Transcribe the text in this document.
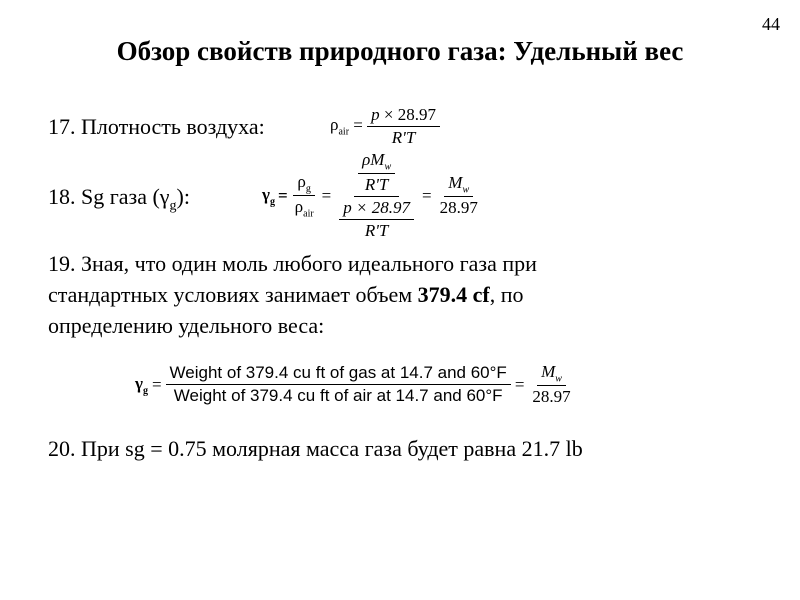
44
Обзор свойств природного газа: Удельный вес
17. Плотность воздуха:	$\rho_{air} = \frac{p \times 28.97}{R'T}$
18. Sg газа $(\gamma_g)$:	$\gamma_g = \frac{\rho_g}{\rho_{air}} = \frac{\frac{\rho M_w}{R'T}}{\frac{p \times 28.97}{R'T}} = \frac{M_w}{28.97}$
19. Зная, что один моль любого идеального газа при
стандартных условиях занимает объем 379.4 cf, по
определению удельного веса:
$\gamma_g = \frac{\text{Weight of 379.4 cu ft of gas at 14.7 and 60°F}}{\text{Weight of 379.4 cu ft of air at 14.7 and 60°F}} = \frac{M_w}{28.97}$
20. При sg = 0.75 молярная масса газа будет равна 21.7 lb
